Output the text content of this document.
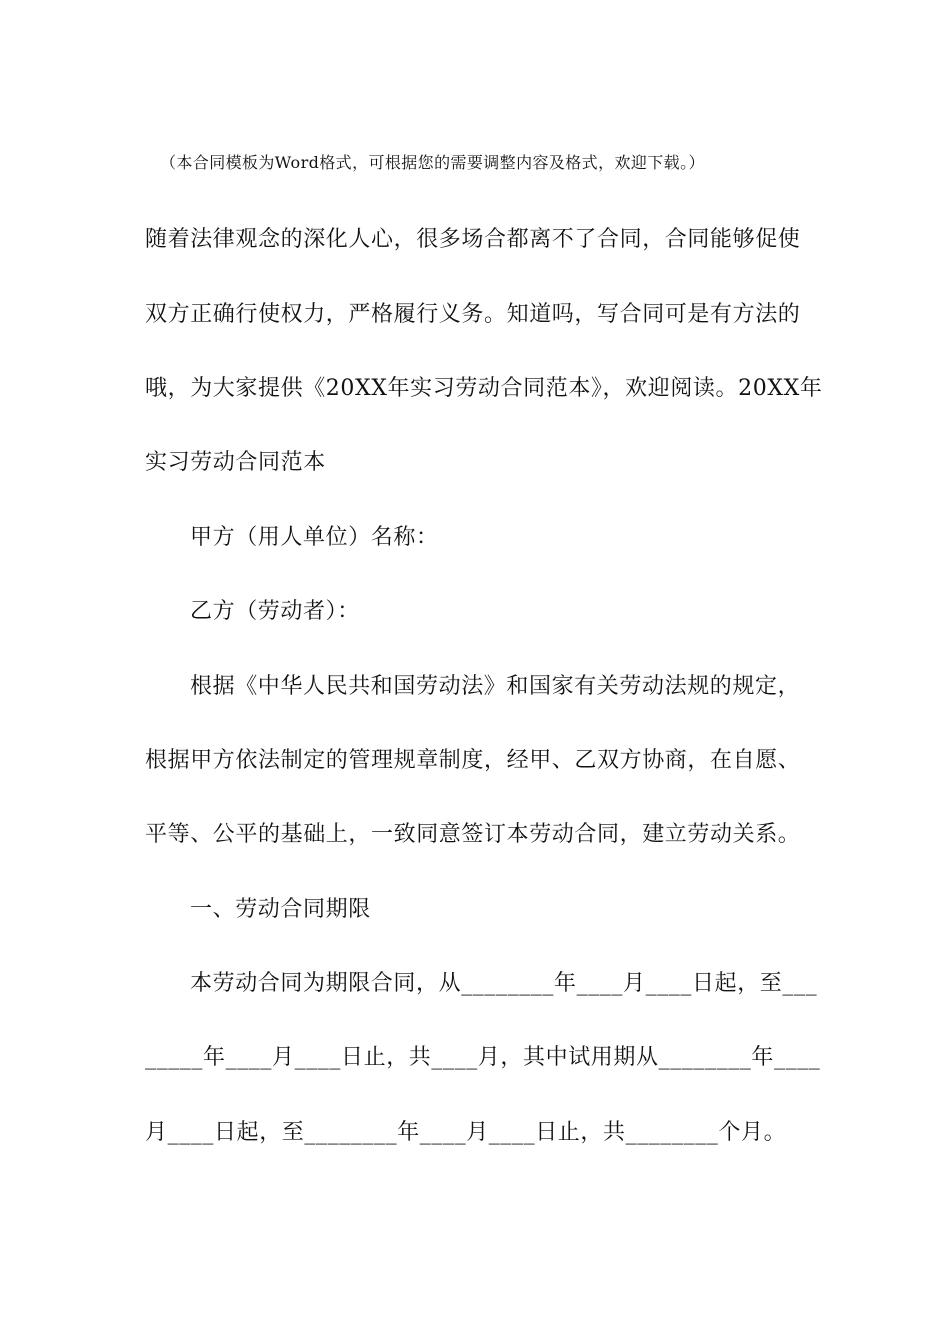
（本合同模板为Word格式，可根据您的需要调整内容及格式，欢迎下载。）
随着法律观念的深化人心，很多场合都离不了合同，合同能够促使
双方正确行使权力，严格履行义务。知道吗，写合同可是有方法的
哦，为大家提供《20XX年实习劳动合同范本》，欢迎阅读。20XX年
实习劳动合同范本
甲方（用人单位）名称：
乙方（劳动者）：
根据《中华人民共和国劳动法》和国家有关劳动法规的规定，
根据甲方依法制定的管理规章制度，经甲、乙双方协商，在自愿、
平等、公平的基础上，一致同意签订本劳动合同，建立劳动关系。
一、劳动合同期限
本劳动合同为期限合同，从________年____月____日起，至___
_____年____月____日止，共____月，其中试用期从________年____
月____日起，至________年____月____日止，共________个月。
